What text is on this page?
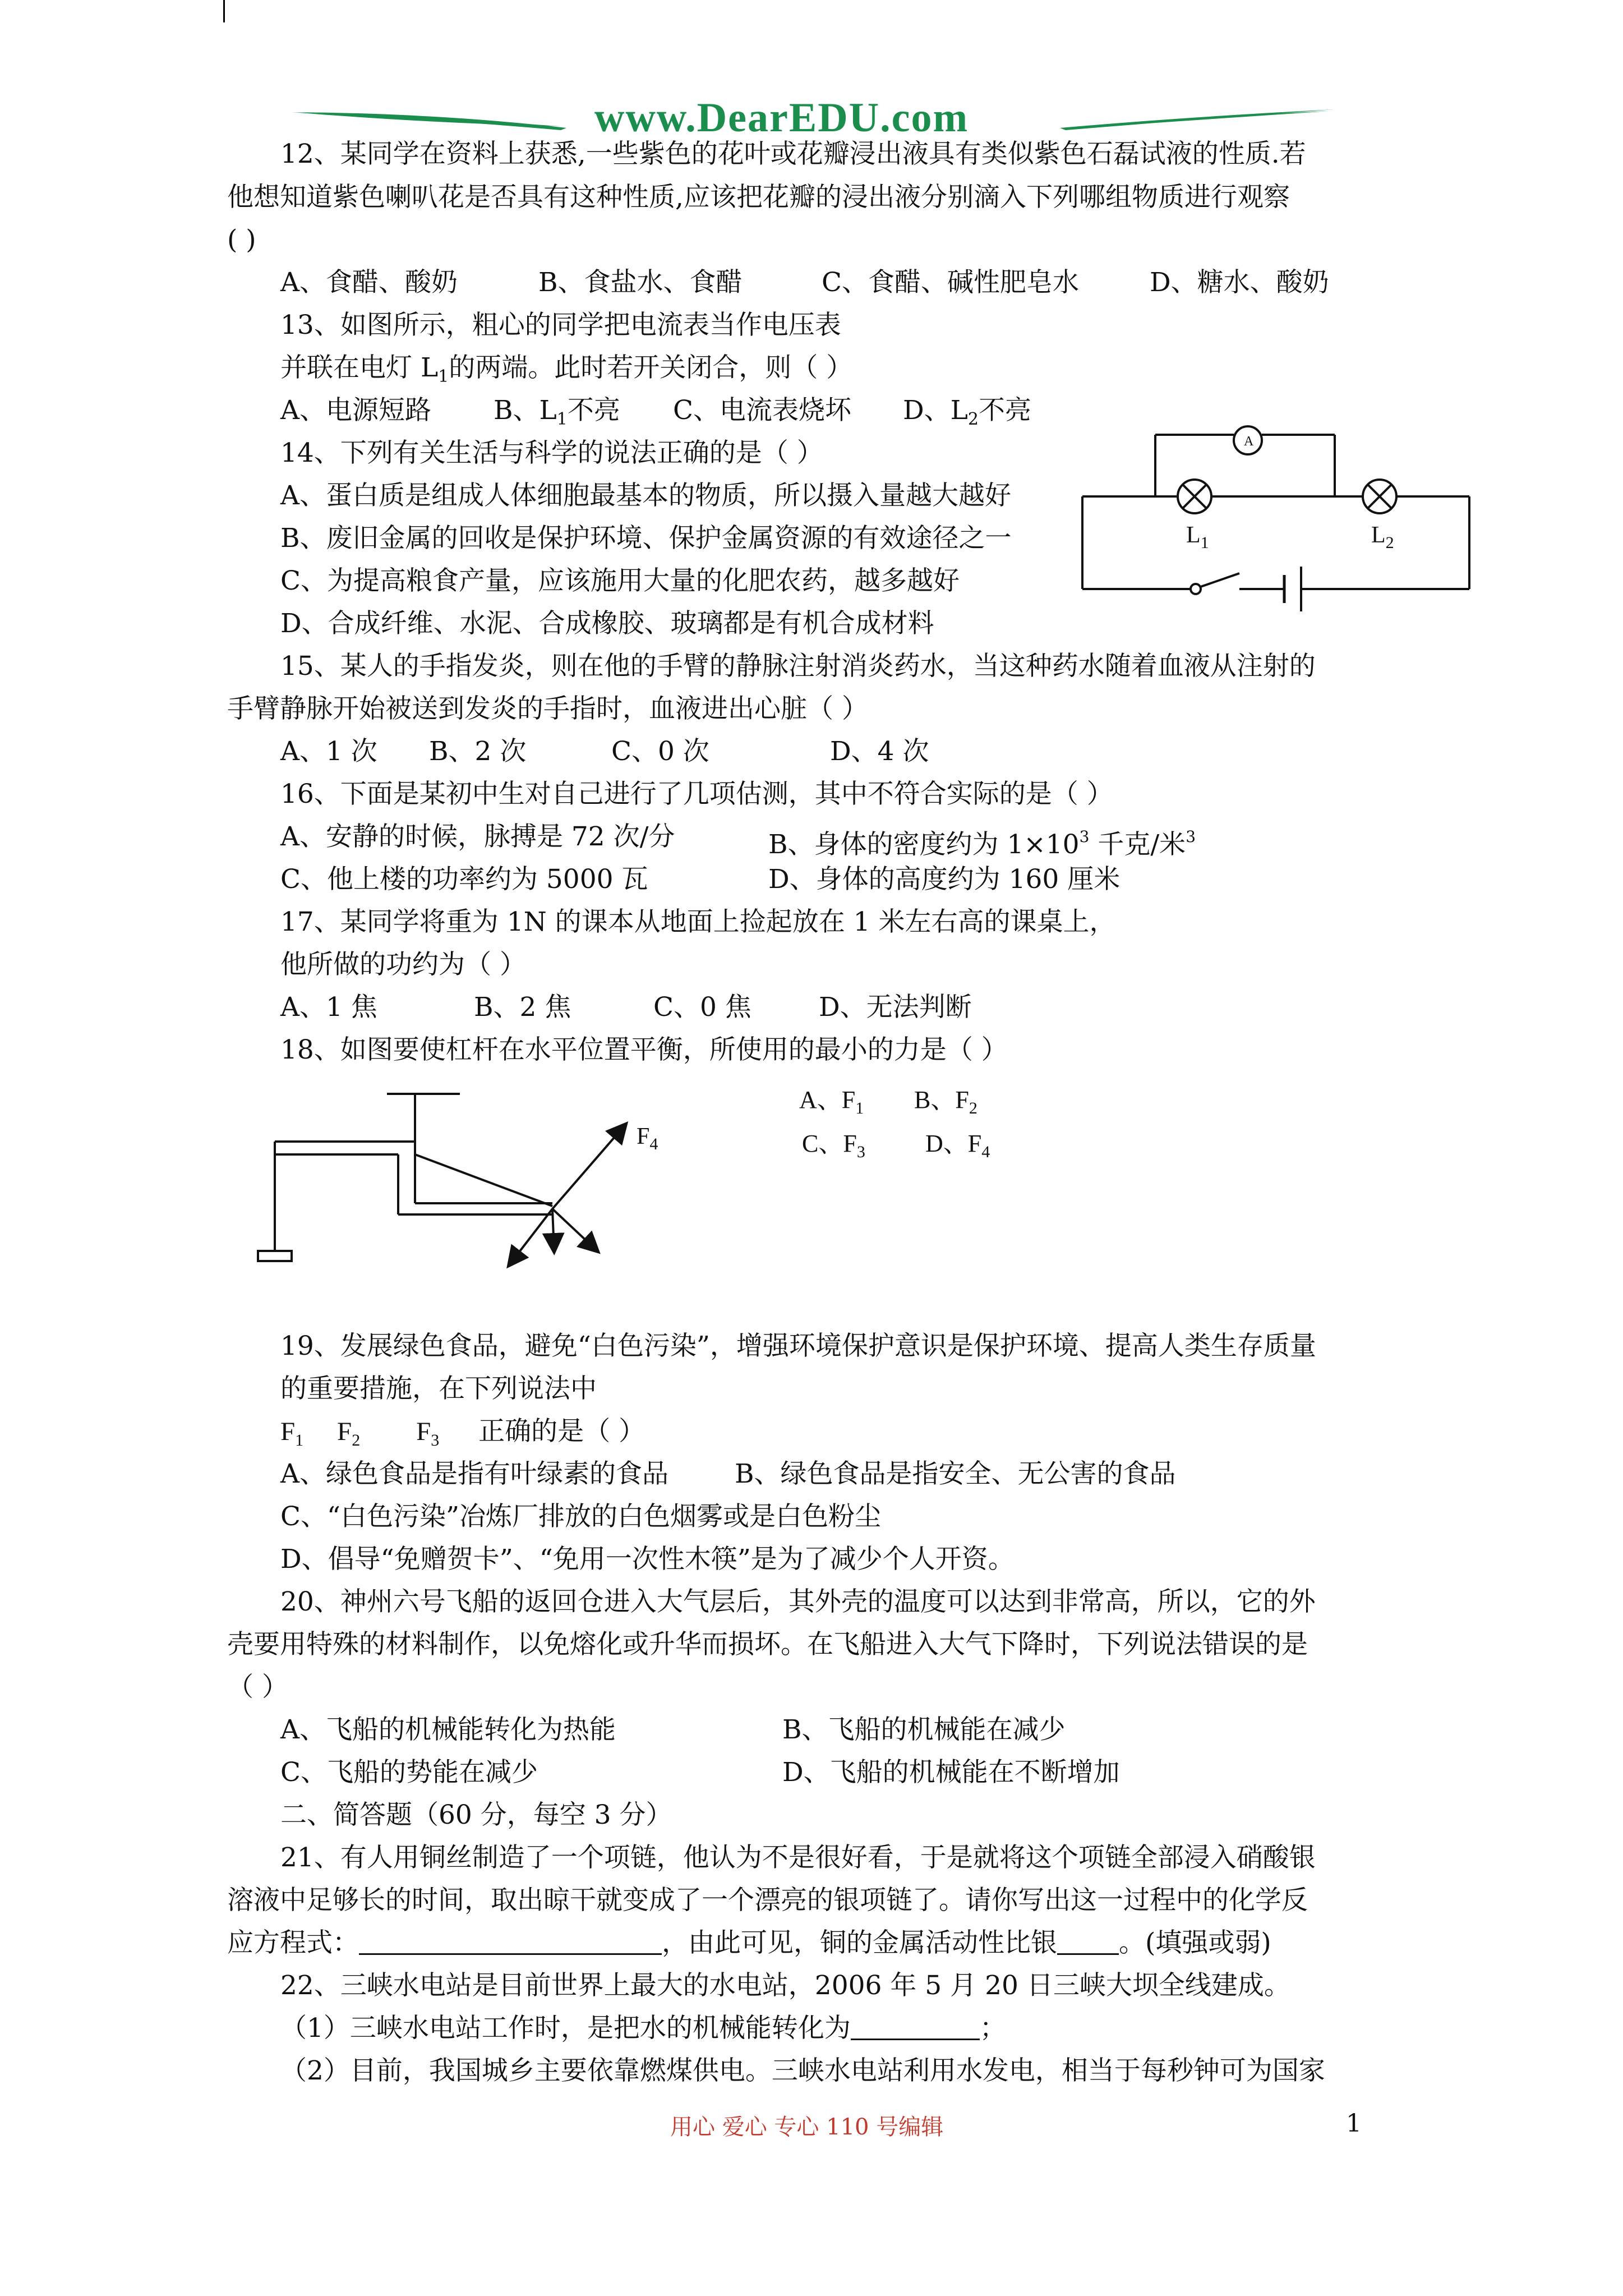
www.DearEDU.com
12、某同学在资料上获悉,一些紫色的花叶或花瓣浸出液具有类似紫色石磊试液的性质.若
他想知道紫色喇叭花是否具有这种性质,应该把花瓣的浸出液分别滴入下列哪组物质进行观察
( )
A、食醋、酸奶	B、食盐水、食醋	C、食醋、碱性肥皂水	D、糖水、酸奶
13、如图所示，粗心的同学把电流表当作电压表
并联在电灯 $L_1$的两端。此时若开关闭合，则（ ）
A、电源短路 B、$L_1$不亮 C、电流表烧坏 D、$L_2$不亮
14、下列有关生活与科学的说法正确的是（ ）
A、蛋白质是组成人体细胞最基本的物质，所以摄入量越大越好
B、废旧金属的回收是保护环境、保护金属资源的有效途径之一
C、为提高粮食产量，应该施用大量的化肥农药，越多越好
D、合成纤维、水泥、合成橡胶、玻璃都是有机合成材料
A
$L_1$	$L_2$
15、某人的手指发炎，则在他的手臂的静脉注射消炎药水，当这种药水随着血液从注射的
手臂静脉开始被送到发炎的手指时，血液进出心脏（ ）
A、1 次 B、2 次	C、0 次	D、4 次
16、下面是某初中生对自己进行了几项估测，其中不符合实际的是（ ）
A、安静的时候，脉搏是 72 次/分	B、身体的密度约为 $1\times 10^3$ 千克/米$^3$
C、他上楼的功率约为 5000 瓦	D、身体的高度约为 160 厘米
17、某同学将重为 1N 的课本从地面上捡起放在 1 米左右高的课桌上，
他所做的功约为（ ）
A、1 焦	B、2 焦	C、0 焦	D、无法判断
18、如图要使杠杆在水平位置平衡，所使用的最小的力是（ ）
A、$F_1$ B、$F_2$
C、$F_3$ D、$F_4$
$F_4$
19、发展绿色食品，避免“白色污染”，增强环境保护意识是保护环境、提高人类生存质量
的重要措施，在下列说法中
$F_1$ $F_2$ $F_3$ 正确的是（ ）
A、绿色食品是指有叶绿素的食品	B、绿色食品是指安全、无公害的食品
C、“白色污染”冶炼厂排放的白色烟雾或是白色粉尘
D、倡导“免赠贺卡”、“免用一次性木筷”是为了减少个人开资。
20、神州六号飞船的返回仓进入大气层后，其外壳的温度可以达到非常高，所以，它的外
壳要用特殊的材料制作，以免熔化或升华而损坏。在飞船进入大气下降时，下列说法错误的是
（ ）
A、飞船的机械能转化为热能	B、飞船的机械能在减少
C、飞船的势能在减少	D、飞船的机械能在不断增加
二、简答题（60 分，每空 3 分）
21、有人用铜丝制造了一个项链，他认为不是很好看，于是就将这个项链全部浸入硝酸银
溶液中足够长的时间，取出晾干就变成了一个漂亮的银项链了。请你写出这一过程中的化学反
应方程式：	，由此可见，铜的金属活动性比银 。(填强或弱)
22、三峡水电站是目前世界上最大的水电站，2006 年 5 月 20 日三峡大坝全线建成。
（1）三峡水电站工作时，是把水的机械能转化为	；
（2）目前，我国城乡主要依靠燃煤供电。三峡水电站利用水发电，相当于每秒钟可为国家
用心 爱心 专心 110 号编辑	1
